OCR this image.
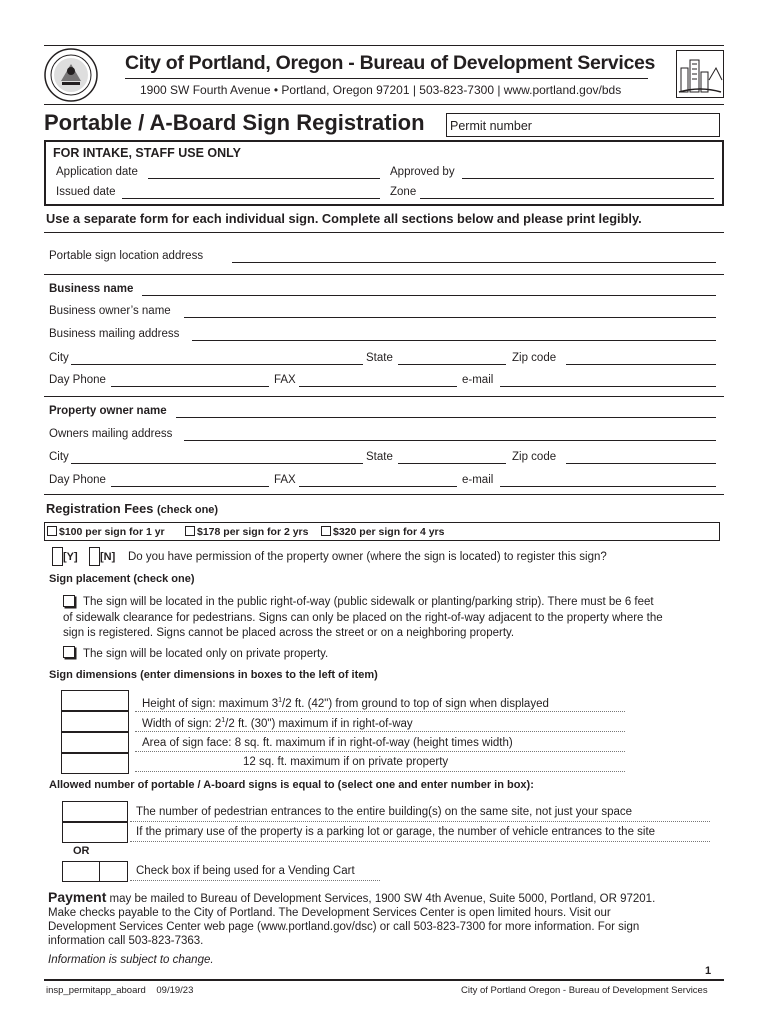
City of Portland, Oregon - Bureau of Development Services
1900 SW Fourth Avenue • Portland, Oregon 97201 | 503-823-7300 | www.portland.gov/bds
Portable / A-Board Sign Registration Permit number
FOR INTAKE, STAFF USE ONLY
Application date	Approved by
Issued date	Zone
Use a separate form for each individual sign. Complete all sections below and please print legibly.
Portable sign location address
Business name
Business owner’s name
Business mailing address
City	State	Zip code
Day Phone	FAX	e-mail
Property owner name
Owners mailing address
City	State	Zip code
Day Phone	FAX	e-mail
Registration Fees (check one)
$100 per sign for 1 yr	$178 per sign for 2 yrs	$320 per sign for 4 yrs
[Y] [N] Do you have permission of the property owner (where the sign is located) to register this sign?
Sign placement (check one)
The sign will be located in the public right-of-way (public sidewalk or planting/parking strip). There must be 6 feet
of sidewalk clearance for pedestrians. Signs can only be placed on the right-of-way adjacent to the property where the
sign is registered. Signs cannot be placed across the street or on a neighboring property.
The sign will be located only on private property.
Sign dimensions (enter dimensions in boxes to the left of item)
Height of sign: maximum $3^1/2$ ft. (42") from ground to top of sign when displayed
Width of sign: $2^1/2$ ft. (30") maximum if in right-of-way
Area of sign face: 8 sq. ft. maximum if in right-of-way (height times width)
12 sq. ft. maximum if on private property
Allowed number of portable / A-board signs is equal to (select one and enter number in box):
The number of pedestrian entrances to the entire building(s) on the same site, not just your space
If the primary use of the property is a parking lot or garage, the number of vehicle entrances to the site
OR
Check box if being used for a Vending Cart
Payment may be mailed to Bureau of Development Services, 1900 SW 4th Avenue, Suite 5000, Portland, OR 97201.
Make checks payable to the City of Portland. The Development Services Center is open limited hours. Visit our
Development Services Center web page (www.portland.gov/dsc) or call 503-823-7300 for more information. For sign
information call 503-823-7363.
Information is subject to change.
1
insp_permitapp_aboard    09/19/23	City of Portland Oregon - Bureau of Development Services
